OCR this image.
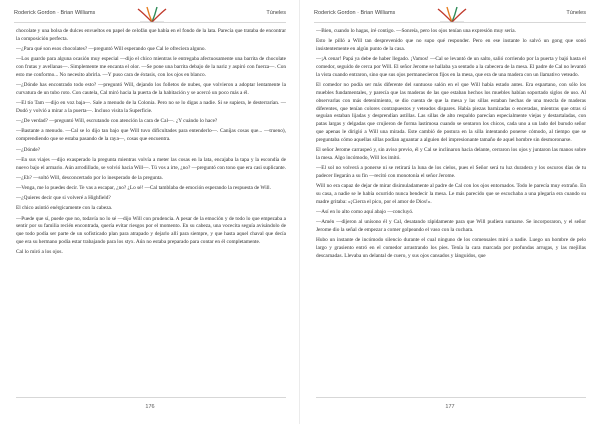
Roderick Gordon · Brian Williams	Túneles

chocolate y una bolsa de dulces envueltos en papel de celofán que había en el fondo de la lata. Parecía que trataba de encontrar la composición perfecta.

—¿Para qué son esos chocolates? —preguntó Will esperando que Cal le ofreciera alguno.

—Los guardo para alguna ocasión muy especial —dijo el chico mientras le entregaba afectuosamente una barrita de chocolate con frutas y avellanas—. Simplemente me encanta el olor. —Se pone una barrita debajo de la nariz y aspiró con fuerza—. Con esto me conformo... No necesito abrirla. —Y puso cara de éxtasis, con los ojos en blanco.

—¿Dónde has encontrado todo esto? —preguntó Will, dejando los folletos de nubes, que volvieron a adoptar lentamente la curvatura de un tubo roto. Con cautela, Cal miró hacia la puerta de la habitación y se acercó un poco más a él.

—El tío Tam —dijo en voz baja—. Sale a menudo de la Colonia. Pero no se lo digas a nadie. Si se supiera, le desterrarían. —Dudó y volvió a mirar a la puerta—. Incluso visita la Superficie.

—¿De verdad? —preguntó Will, escrutando con atención la cara de Cal—. ¿Y cuándo lo hace?

—Bastante a menudo. —Cal se lo dijo tan bajo que Will tuvo dificultades para entenderlo—. Caníjas cosas que... —trueno), comprendiendo que se estaba pasando de la raya—, cosas que encuentra.

—¿Dónde?

—En sus viajes —dijo exasperado la pregunta mientras volvía a meter las cosas en la lata, encajaba la tapa y la escondía de nuevo bajo el armario. Aún arrodillado, se volvió hacia Will—. Tú vos a irte, ¿no? —preguntó con tono que era casi suplicante.

—¿Eh? —soltó Will, desconcertado por lo inesperado de la pregunta.

—Venga, me lo puedes decir. Te vas a escapar, ¿no? ¿Lo sé! —Cal tamblaba de emoción esperando la respuesta de Will.

—¿Quieres decir que si volveré a Highfield?

El chico asintió enérgicamente con la cabeza.

—Puede que sí, puede que no, todavía no lo sé —dijo Will con prudencia. A pesar de la emoción y de todo lo que empezaba a sentir por su familia recién encontrada, quería evitar riesgos por el momento. En su cabeza, una vocecita seguía avisándolo de que todo podía ser parte de un sofisticado plan para atrapado y dejarlo allí para siempre, y que hasta aquel chaval que decía que era su hermano podía estar trabajando para los styx. Aún no estaba preparado para contar en él completamente.

Cal lo miró a los ojos.

176
Roderick Gordon · Brian Williams	Túneles

—Bien, cuando lo hagas, iré contigo. —Sonreía, pero los ojos tenían una expresión muy seria.

Esto le pilló a Will tan desprevenido que no supo qué responder. Pero en ese instante lo salvó un gong que sonó insistentemente en algún punto de la casa.

—¡A cenar! Papá ya debe de haber llegado. ¡Vamos! —Cal se levantó de un salto, salió corriendo por la puerta y bajó hasta el comedor, seguido de cerca por Will. El señor Jerome se hallaba ya sentado a la cabecera de la mesa. El padre de Cal no levantó la vista cuando entraron, sino que sus ojos permanecieron fijos en la mesa, que era de una madera con un llamativo veteado.

El comedor no podía ser más diferente del suntuoso salón en el que Will había estado antes. Era espartano, con sólo los muebles fundamentales, y parecía que las maderas de las que estaban hechos los muebles habían soportado siglos de uso. Al observarlas con más detenimiento, se dio cuenta de que la mesa y las sillas estaban hechas de una mezcla de maderas diferentes, que tenían colores contrapuestos y veteados dispares. Había piezas barnizadas o enceradas, mientras que otras sí seguían estaban lijadas y desprendían astillas. Las sillas de alto respaldo parecían especialmente viejas y destartaladas, con patas largas y delgadas que crujieron de forma lastimosa cuando se sentaron los chicos, cada uno a un lado del burudo señor que apenas le dirigió a Will una mirada. Este cambió de postura en la silla intentando ponerse cómodo, al tiempo que se preguntaba cómo aquellas sillas podían aguantar a alguien del impresionante tamaño de aquel hombre sin desmoronarse.

El señor Jerome carraspeó y, sin aviso previo, él y Cal se inclinaron hacia delante, cerraron los ojos y juntaron las manos sobre la mesa. Algo incómodo, Will los imitó.

—El sol no volverá a ponerse ni se retirará la luna de los cielos, pues el Señor será tu luz duradera y los oscuros días de tu padecer llegarán a su fin —recitó con monotonía el señor Jerome.

Will no era capaz de dejar de mirar disimuladamente al padre de Cal con los ojos entornados. Todo le parecía muy extraño. En su casa, a nadie se le había ocurrido nunca bendecir la mesa. Le más parecido que se escuchaba a una plegaria era cuando su madre gritaba: «¡Cierra el pico, por el amor de Dios!».

—Así en lo alto como aquí abajo —concluyó.

—Amén —dijeron al unísono él y Cal, desatando rápidamente para que Will pudiera sumarse. Se incorporaron, y el señor Jerome dio la señal de empezar a comer golpeando el vaso con la cuchara.

Hubo un instante de incómodo silencio durante el cual ninguno de los comensales miró a nadie. Luego un hombre de pelo largo y grasiento entró en el comedor arrastrando los pies. Tenía la cara marcada por profundas arrugas, y las mejillas descarnadas. Llevaba un delantal de cuero, y sus ojos cansados y lánguidos, que

177
